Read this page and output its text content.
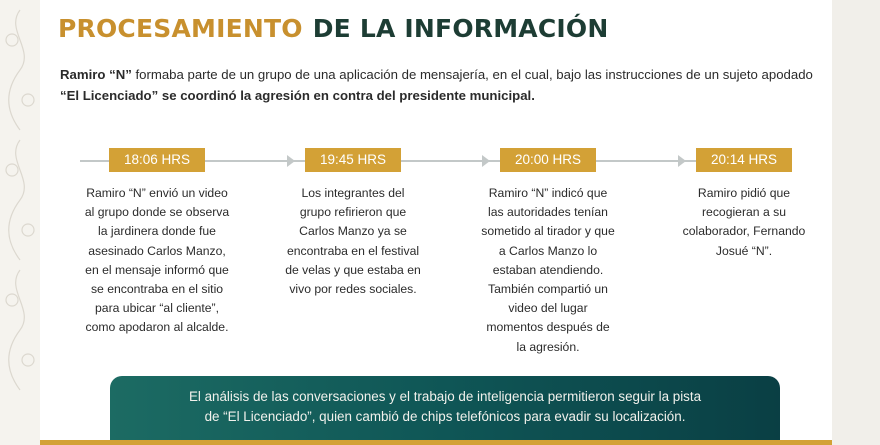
PROCESAMIENTO DE LA INFORMACIÓN

Ramiro “N” formaba parte de un grupo de una aplicación de mensajería, en el cual, bajo las instrucciones de un sujeto apodado
“El Licenciado” se coordinó la agresión en contra del presidente municipal.

18:06 HRS
Ramiro “N” envió un video al grupo donde se observa la jardinera donde fue asesinado Carlos Manzo, en el mensaje informó que se encontraba en el sitio para ubicar “al cliente”, como apodaron al alcalde.
19:45 HRS
Los integrantes del grupo refirieron que Carlos Manzo ya se encontraba en el festival de velas y que estaba en vivo por redes sociales.
20:00 HRS
Ramiro “N” indicó que las autoridades tenían sometido al tirador y que a Carlos Manzo lo estaban atendiendo. También compartió un video del lugar momentos después de la agresión.
20:14 HRS
Ramiro pidió que recogieran a su colaborador, Fernando Josué “N”.

El análisis de las conversaciones y el trabajo de inteligencia permitieron seguir la pista
de “El Licenciado”, quien cambió de chips telefónicos para evadir su localización.
